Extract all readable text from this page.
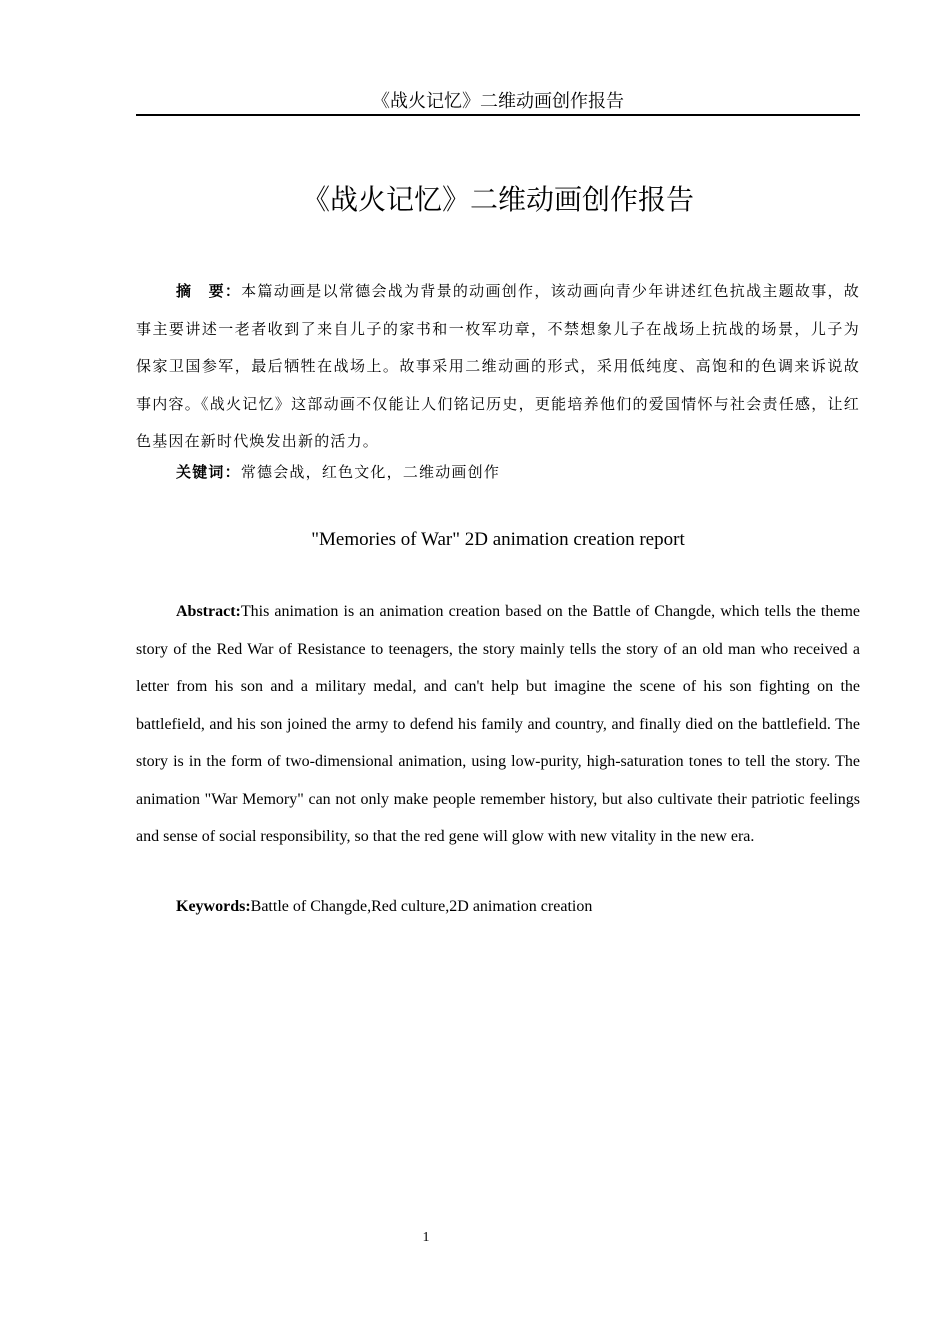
《战火记忆》二维动画创作报告
《战火记忆》二维动画创作报告

摘　要：本篇动画是以常德会战为背景的动画创作，该动画向青少年讲述红色抗战主题故事，故事主要讲述一老者收到了来自儿子的家书和一枚军功章，不禁想象儿子在战场上抗战的场景，儿子为保家卫国参军，最后牺牲在战场上。故事采用二维动画的形式，采用低纯度、高饱和的色调来诉说故事内容。《战火记忆》这部动画不仅能让人们铭记历史，更能培养他们的爱国情怀与社会责任感，让红色基因在新时代焕发出新的活力。

关键词：常德会战，红色文化，二维动画创作

"Memories of War" 2D animation creation report

Abstract:This animation is an animation creation based on the Battle of Changde, which tells the theme story of the Red War of Resistance to teenagers, the story mainly tells the story of an old man who received a letter from his son and a military medal, and can't help but imagine the scene of his son fighting on the battlefield, and his son joined the army to defend his family and country, and finally died on the battlefield. The story is in the form of two-dimensional animation, using low-purity, high-saturation tones to tell the story. The animation "War Memory" can not only make people remember history, but also cultivate their patriotic feelings and sense of social responsibility, so that the red gene will glow with new vitality in the new era.

Keywords:Battle of Changde,Red culture,2D animation creation

1
